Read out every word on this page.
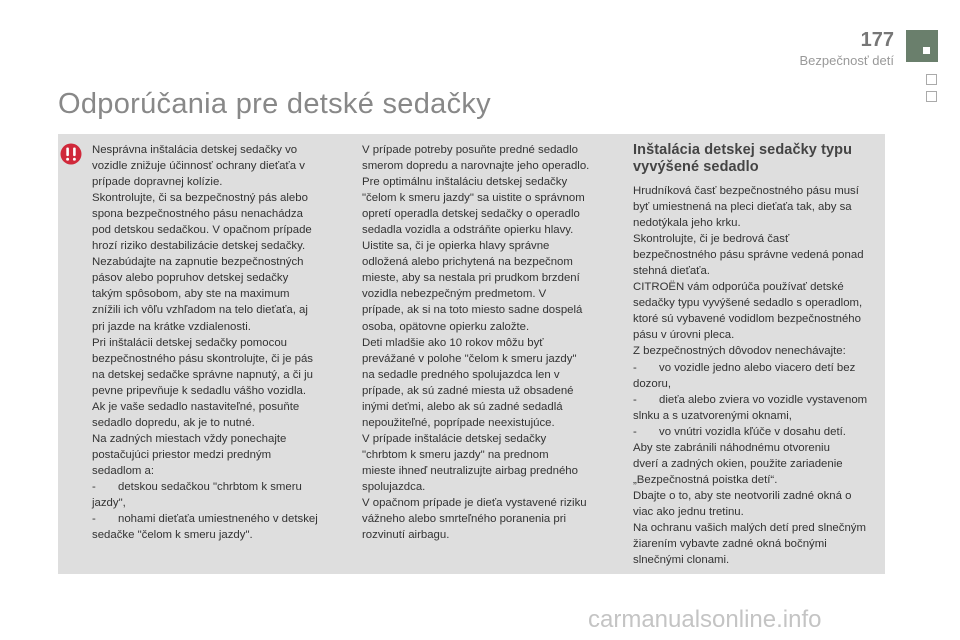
177
Bezpečnosť detí
Odporúčania pre detské sedačky
Nesprávna inštalácia detskej sedačky vo
vozidle znižuje účinnosť ochrany dieťaťa v
prípade dopravnej kolízie.
Skontrolujte, či sa bezpečnostný pás alebo
spona bezpečnostného pásu nenachádza
pod detskou sedačkou. V opačnom prípade
hrozí riziko destabilizácie detskej sedačky.
Nezabúdajte na zapnutie bezpečnostných
pásov alebo popruhov detskej sedačky
takým spôsobom, aby ste na maximum
znížili ich vôľu vzhľadom na telo dieťaťa, aj
pri jazde na krátke vzdialenosti.
Pri inštalácii detskej sedačky pomocou
bezpečnostného pásu skontrolujte, či je pás
na detskej sedačke správne napnutý, a či ju
pevne pripevňuje k sedadlu vášho vozidla.
Ak je vaše sedadlo nastaviteľné, posuňte
sedadlo dopredu, ak je to nutné.
Na zadných miestach vždy ponechajte
postačujúci priestor medzi predným
sedadlom a:
-	detskou sedačkou "chrbtom k smeru
jazdy",
-	nohami dieťaťa umiestneného v detskej
sedačke "čelom k smeru jazdy".
V prípade potreby posuňte predné sedadlo
smerom dopredu a narovnajte jeho operadlo.
Pre optimálnu inštaláciu detskej sedačky
"čelom k smeru jazdy" sa uistite o správnom
opretí operadla detskej sedačky o operadlo
sedadla vozidla a odstráňte opierku hlavy.
Uistite sa, či je opierka hlavy správne
odložená alebo prichytená na bezpečnom
mieste, aby sa nestala pri prudkom brzdení
vozidla nebezpečným predmetom. V
prípade, ak si na toto miesto sadne dospelá
osoba, opätovne opierku založte.
Deti mladšie ako 10 rokov môžu byť
prevážané v polohe "čelom k smeru jazdy"
na sedadle predného spolujazdca len v
prípade, ak sú zadné miesta už obsadené
inými deťmi, alebo ak sú zadné sedadlá
nepoužiteľné, poprípade neexistujúce.
V prípade inštalácie detskej sedačky
"chrbtom k smeru jazdy" na prednom
mieste ihneď neutralizujte airbag predného
spolujazdca.
V opačnom prípade je dieťa vystavené riziku
vážneho alebo smrteľného poranenia pri
rozvinutí airbagu.
Inštalácia detskej sedačky typu
vyvýšené sedadlo
Hrudníková časť bezpečnostného pásu musí
byť umiestnená na pleci dieťaťa tak, aby sa
nedotýkala jeho krku.
Skontrolujte, či je bedrová časť
bezpečnostného pásu správne vedená ponad
stehná dieťaťa.
CITROËN vám odporúča používať detské
sedačky typu vyvýšené sedadlo s operadlom,
ktoré sú vybavené vodidlom bezpečnostného
pásu v úrovni pleca.
Z bezpečnostných dôvodov nenechávajte:
-	vo vozidle jedno alebo viacero detí bez
dozoru,
-	dieťa alebo zviera vo vozidle vystavenom
slnku a s uzatvorenými oknami,
-	vo vnútri vozidla kľúče v dosahu detí.
Aby ste zabránili náhodnému otvoreniu
dverí a zadných okien, použite zariadenie
„Bezpečnostná poistka detí“.
Dbajte o to, aby ste neotvorili zadné okná o
viac ako jednu tretinu.
Na ochranu vašich malých detí pred slnečným
žiarením vybavte zadné okná bočnými
slnečnými clonami.
carmanualsonline.info
